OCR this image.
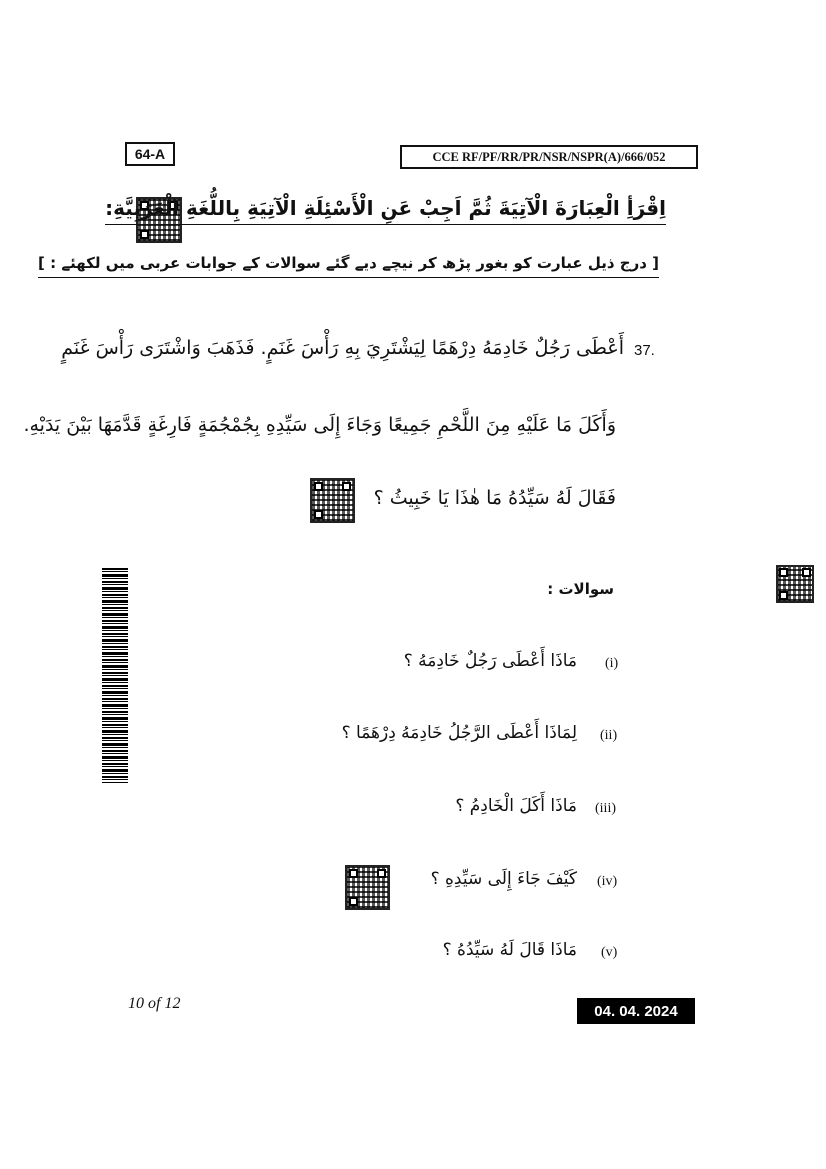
64-A	CCE RF/PF/RR/PR/NSR/NSPR(A)/666/052
اِقْرَأِ الْعِبَارَةَ الْآتِيَةَ ثُمَّ اَجِبْ عَنِ الْأَسْئِلَةِ الْآتِيَةِ بِاللُّغَةِ الْعَرَبِيَّةِ:
[ درج ذیل عبارت کو بغور پڑھ کر نیچے دیے گئے سوالات کے جوابات عربی میں لکھئے : ]
37.
أَعْطَى رَجُلٌ خَادِمَهُ دِرْهَمًا لِيَشْتَرِيَ بِهِ رَأْسَ غَنَمٍ. فَذَهَبَ وَاشْتَرَى رَأْسَ غَنَمٍ
وَأَكَلَ مَا عَلَيْهِ مِنَ اللَّحْمِ جَمِيعًا وَجَاءَ إِلَى سَيِّدِهِ بِجُمْجُمَةٍ فَارِغَةٍ قَدَّمَهَا بَيْنَ يَدَيْهِ.
فَقَالَ لَهُ سَيِّدُهُ مَا هٰذَا يَا خَبِيثُ ؟
سوالات :
(i)
مَاذَا أَعْطَى رَجُلٌ خَادِمَهُ ؟
(ii)
لِمَاذَا أَعْطَى الرَّجُلُ خَادِمَهُ دِرْهَمًا ؟
(iii)
مَاذَا أَكَلَ الْخَادِمُ ؟
(iv)
كَيْفَ جَاءَ إِلَى سَيِّدِهِ ؟
(v)
مَاذَا قَالَ لَهُ سَيِّدُهُ ؟
10 of 12	04. 04. 2024
